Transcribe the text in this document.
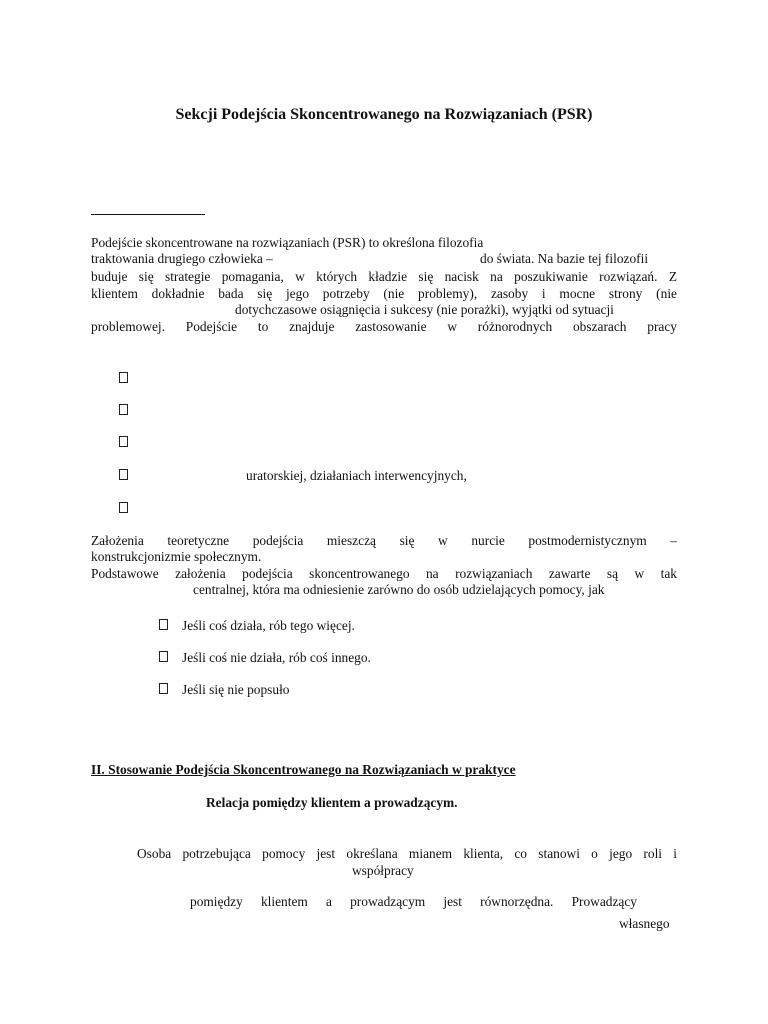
Sekcji Podejścia Skoncentrowanego na Rozwiązaniach (PSR)
Podejście skoncentrowane na rozwiązaniach (PSR) to określona filozofia
traktowania drugiego człowieka –	do świata. Na bazie tej filozofii
buduje się strategie pomagania, w których kładzie się nacisk na poszukiwanie rozwiązań. Z
klientem dokładnie bada się jego potrzeby (nie problemy), zasoby i mocne strony (nie
dotychczasowe osiągnięcia i sukcesy (nie porażki), wyjątki od sytuacji
problemowej. Podejście to znajduje zastosowanie w różnorodnych obszarach pracy
uratorskiej, działaniach interwencyjnych,
Założenia teoretyczne podejścia mieszczą się w nurcie postmodernistycznym –
konstrukcjonizmie społecznym.
Podstawowe założenia podejścia skoncentrowanego na rozwiązaniach zawarte są w tak
centralnej, która ma odniesienie zarówno do osób udzielających pomocy, jak
Jeśli coś działa, rób tego więcej.
Jeśli coś nie działa, rób coś innego.
Jeśli się nie popsuło
II. Stosowanie Podejścia Skoncentrowanego na Rozwiązaniach w praktyce
Relacja pomiędzy klientem a prowadzącym.
Osoba potrzebująca pomocy jest określana mianem klienta, co stanowi o jego roli i
współpracy
pomiędzy klientem a prowadzącym jest równorzędna. Prowadzący
własnego
